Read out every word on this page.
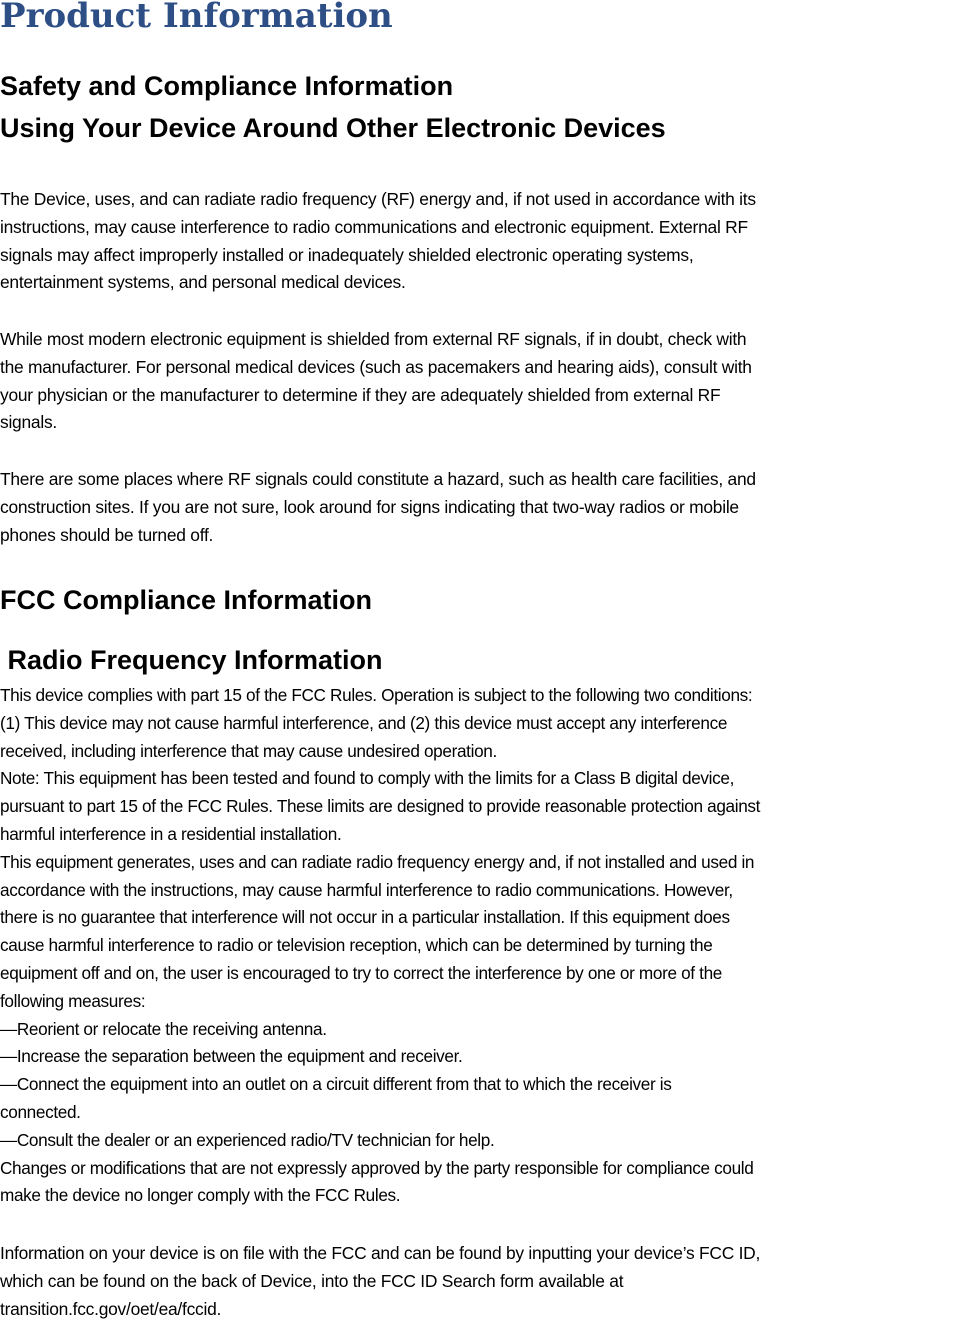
Product Information
Safety and Compliance Information
Using Your Device Around Other Electronic Devices
The Device, uses, and can radiate radio frequency (RF) energy and, if not used in accordance with its
instructions, may cause interference to radio communications and electronic equipment. External RF
signals may affect improperly installed or inadequately shielded electronic operating systems,
entertainment systems, and personal medical devices.
While most modern electronic equipment is shielded from external RF signals, if in doubt, check with
the manufacturer. For personal medical devices (such as pacemakers and hearing aids), consult with
your physician or the manufacturer to determine if they are adequately shielded from external RF
signals.
There are some places where RF signals could constitute a hazard, such as health care facilities, and
construction sites. If you are not sure, look around for signs indicating that two-way radios or mobile
phones should be turned off.
FCC Compliance Information
Radio Frequency Information
This device complies with part 15 of the FCC Rules. Operation is subject to the following two conditions:
(1) This device may not cause harmful interference, and (2) this device must accept any interference
received, including interference that may cause undesired operation.
Note: This equipment has been tested and found to comply with the limits for a Class B digital device,
pursuant to part 15 of the FCC Rules. These limits are designed to provide reasonable protection against
harmful interference in a residential installation.
This equipment generates, uses and can radiate radio frequency energy and, if not installed and used in
accordance with the instructions, may cause harmful interference to radio communications. However,
there is no guarantee that interference will not occur in a particular installation. If this equipment does
cause harmful interference to radio or television reception, which can be determined by turning the
equipment off and on, the user is encouraged to try to correct the interference by one or more of the
following measures:
—Reorient or relocate the receiving antenna.
—Increase the separation between the equipment and receiver.
—Connect the equipment into an outlet on a circuit different from that to which the receiver is
connected.
—Consult the dealer or an experienced radio/TV technician for help.
Changes or modifications that are not expressly approved by the party responsible for compliance could
make the device no longer comply with the FCC Rules.
Information on your device is on file with the FCC and can be found by inputting your device’s FCC ID,
which can be found on the back of Device, into the FCC ID Search form available at
transition.fcc.gov/oet/ea/fccid.
